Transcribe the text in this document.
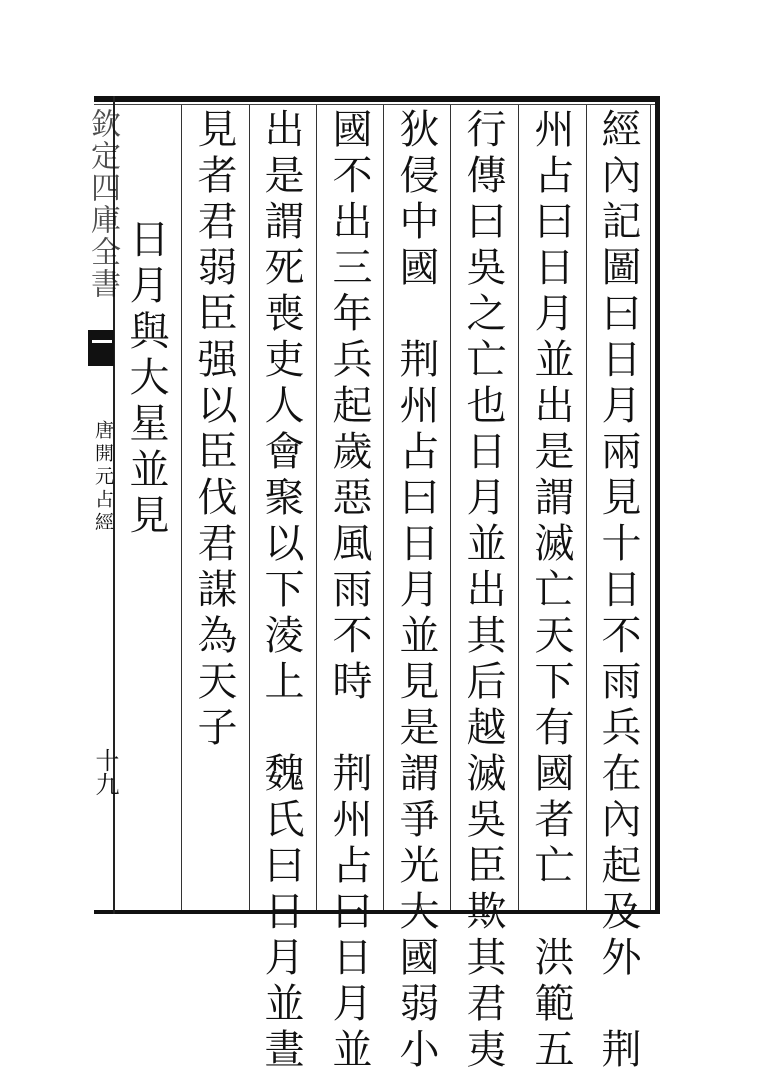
欽定四庫全書
唐開元占經
十九	經內記圖曰日月兩見十日不雨兵在內起及外　荆
州占曰日月並出是謂滅亡天下有國者亡　洪範五
行傳曰吳之亡也日月並出其后越滅吳臣欺其君夷
狄侵中國　荆州占曰日月並見是謂爭光大國弱小
國不出三年兵起歲惡風雨不時　荆州占曰日月並
出是謂死喪吏人會聚以下淩上　魏氏曰日月並晝
見者君弱臣强以臣伐君謀為天子
日月與大星並見
